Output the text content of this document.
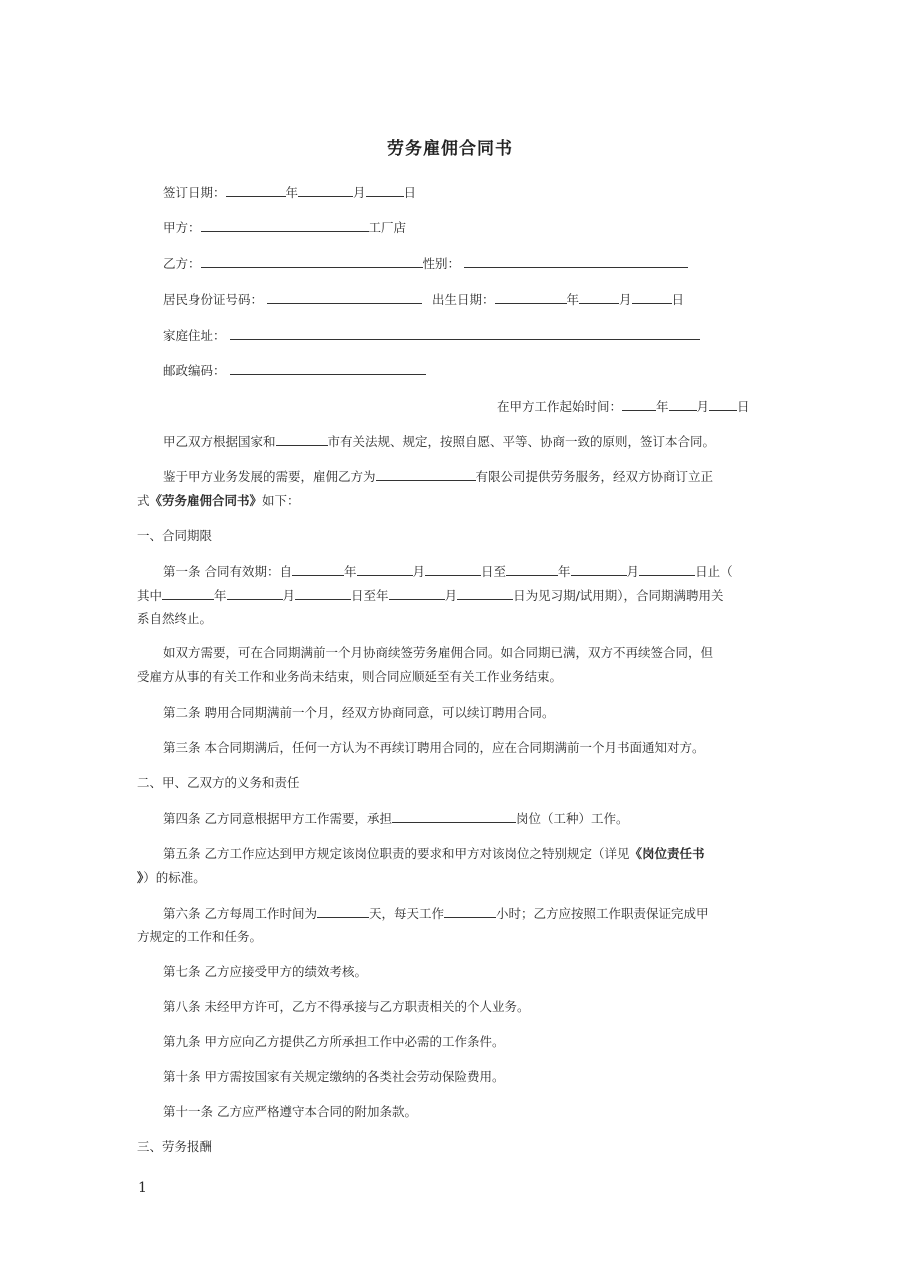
劳务雇佣合同书
签订日期：	年	月	日
甲方：	工厂店
乙方：	性别：
居民身份证号码：	出生日期：	年	月	日
家庭住址：
邮政编码：
在甲方工作起始时间：	年 月 日
甲乙双方根据国家和	市有关法规、规定，按照自愿、平等、协商一致的原则，签订本合同。
鉴于甲方业务发展的需要，雇佣乙方为	有限公司提供劳务服务，经双方协商订立正
式《劳务雇佣合同书》如下：
一、合同期限
第一条 合同有效期：自	年	月	日至	年	月	日止（
其中	年	月	日至年	月	日为见习期/试用期），合同期满聘用关
系自然终止。
如双方需要，可在合同期满前一个月协商续签劳务雇佣合同。如合同期已满，双方不再续签合同，但
受雇方从事的有关工作和业务尚未结束，则合同应顺延至有关工作业务结束。
第二条 聘用合同期满前一个月，经双方协商同意，可以续订聘用合同。
第三条 本合同期满后，任何一方认为不再续订聘用合同的，应在合同期满前一个月书面通知对方。
二、甲、乙双方的义务和责任
第四条 乙方同意根据甲方工作需要，承担	岗位（工种）工作。
第五条 乙方工作应达到甲方规定该岗位职责的要求和甲方对该岗位之特别规定（详见《岗位责任书
》）的标准。
第六条 乙方每周工作时间为	天，每天工作	小时；乙方应按照工作职责保证完成甲
方规定的工作和任务。
第七条 乙方应接受甲方的绩效考核。
第八条 未经甲方许可，乙方不得承接与乙方职责相关的个人业务。
第九条 甲方应向乙方提供乙方所承担工作中必需的工作条件。
第十条 甲方需按国家有关规定缴纳的各类社会劳动保险费用。
第十一条 乙方应严格遵守本合同的附加条款。
三、劳务报酬
1
